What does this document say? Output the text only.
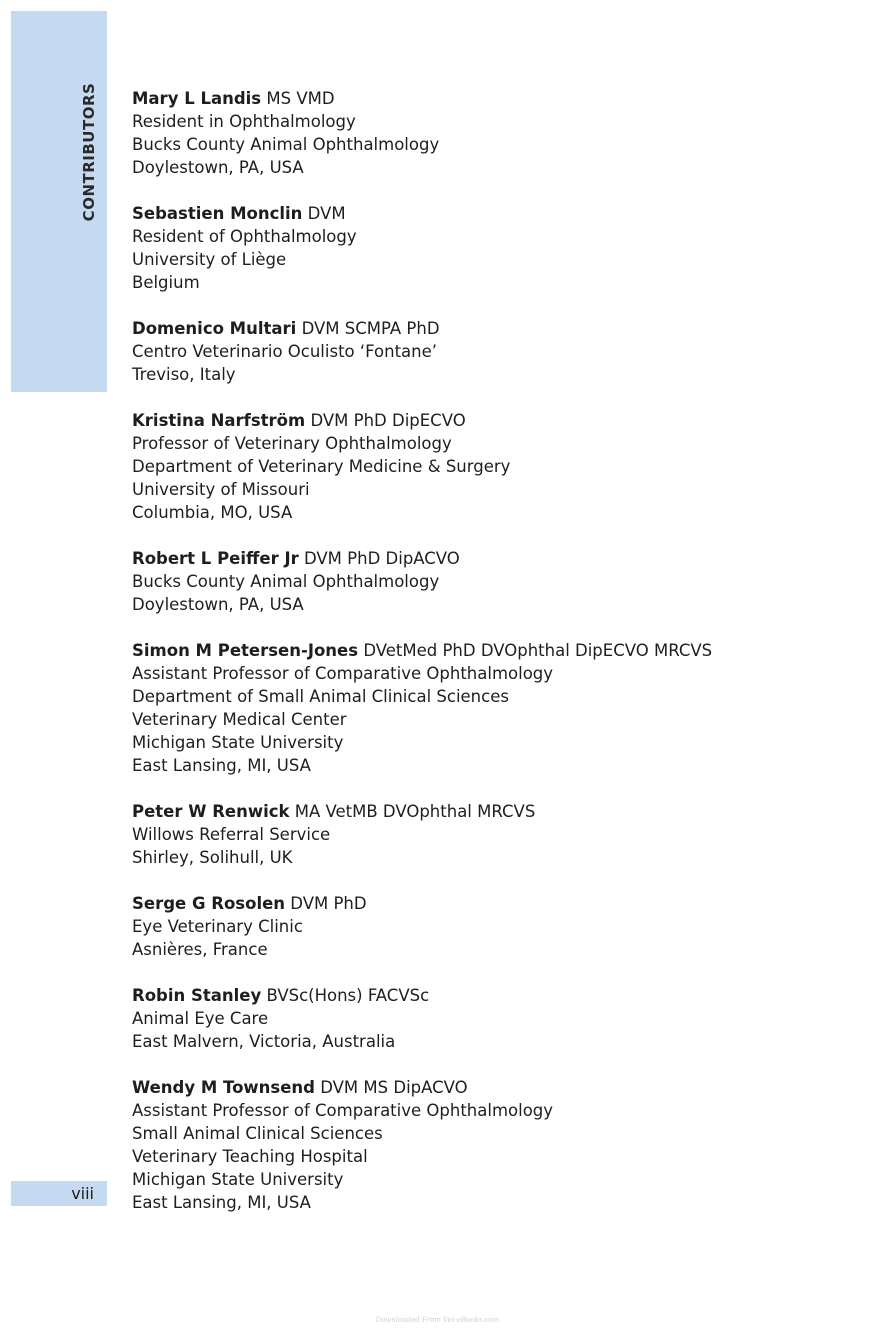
CONTRIBUTORS
viii
Mary L Landis MS VMD
Resident in Ophthalmology
Bucks County Animal Ophthalmology
Doylestown, PA, USA
Sebastien Monclin DVM
Resident of Ophthalmology
University of Liège
Belgium
Domenico Multari DVM SCMPA PhD
Centro Veterinario Oculisto ‘Fontane’
Treviso, Italy
Kristina Narfström DVM PhD DipECVO
Professor of Veterinary Ophthalmology
Department of Veterinary Medicine & Surgery
University of Missouri
Columbia, MO, USA
Robert L Peiffer Jr DVM PhD DipACVO
Bucks County Animal Ophthalmology
Doylestown, PA, USA
Simon M Petersen-Jones DVetMed PhD DVOphthal DipECVO MRCVS
Assistant Professor of Comparative Ophthalmology
Department of Small Animal Clinical Sciences
Veterinary Medical Center
Michigan State University
East Lansing, MI, USA
Peter W Renwick MA VetMB DVOphthal MRCVS
Willows Referral Service
Shirley, Solihull, UK
Serge G Rosolen DVM PhD
Eye Veterinary Clinic
Asnières, France
Robin Stanley BVSc(Hons) FACVSc
Animal Eye Care
East Malvern, Victoria, Australia
Wendy M Townsend DVM MS DipACVO
Assistant Professor of Comparative Ophthalmology
Small Animal Clinical Sciences
Veterinary Teaching Hospital
Michigan State University
East Lansing, MI, USA
Downloaded From Vet-eBooks.com
